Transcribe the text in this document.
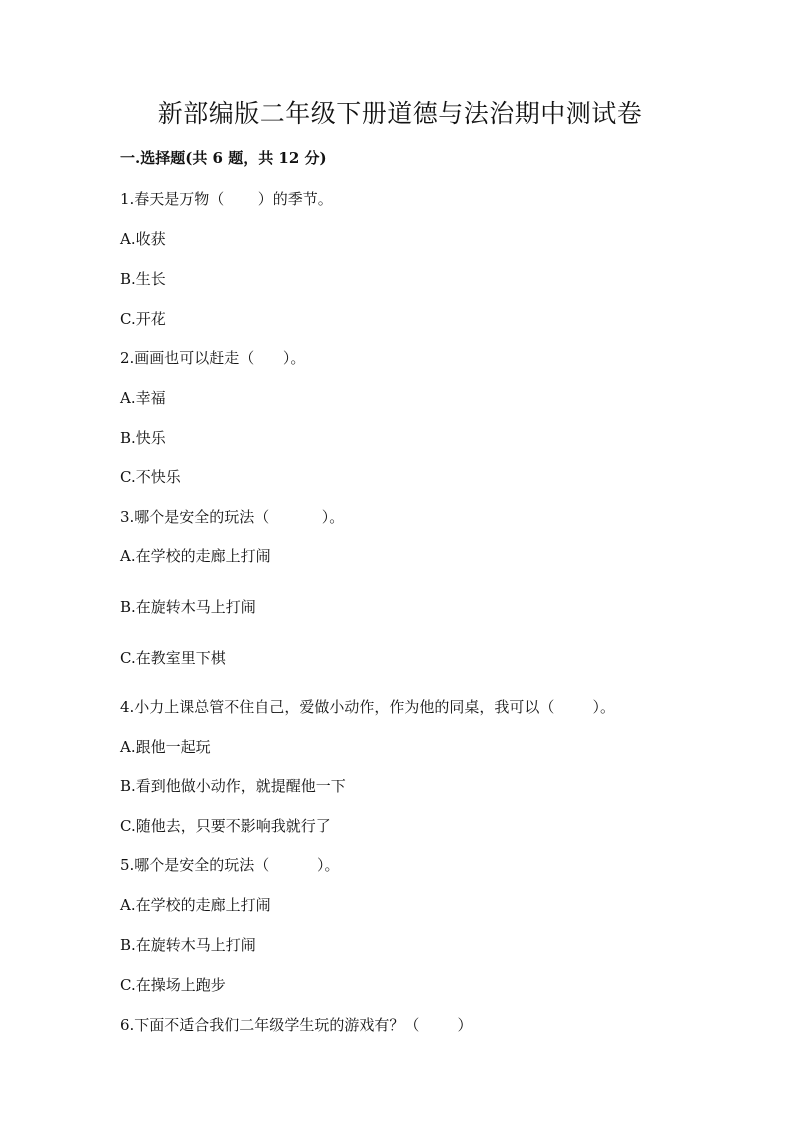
新部编版二年级下册道德与法治期中测试卷
一.选择题(共 6 题，共 12 分)
1.春天是万物（       ）的季节。
A.收获
B.生长
C.开花
2.画画也可以赶走（      ）。
A.幸福
B.快乐
C.不快乐
3.哪个是安全的玩法（           ）。
A.在学校的走廊上打闹
B.在旋转木马上打闹
C.在教室里下棋
4.小力上课总管不住自己，爱做小动作，作为他的同桌，我可以（        ）。
A.跟他一起玩
B.看到他做小动作，就提醒他一下
C.随他去，只要不影响我就行了
5.哪个是安全的玩法（          ）。
A.在学校的走廊上打闹
B.在旋转木马上打闹
C.在操场上跑步
6.下面不适合我们二年级学生玩的游戏有？（        ）
